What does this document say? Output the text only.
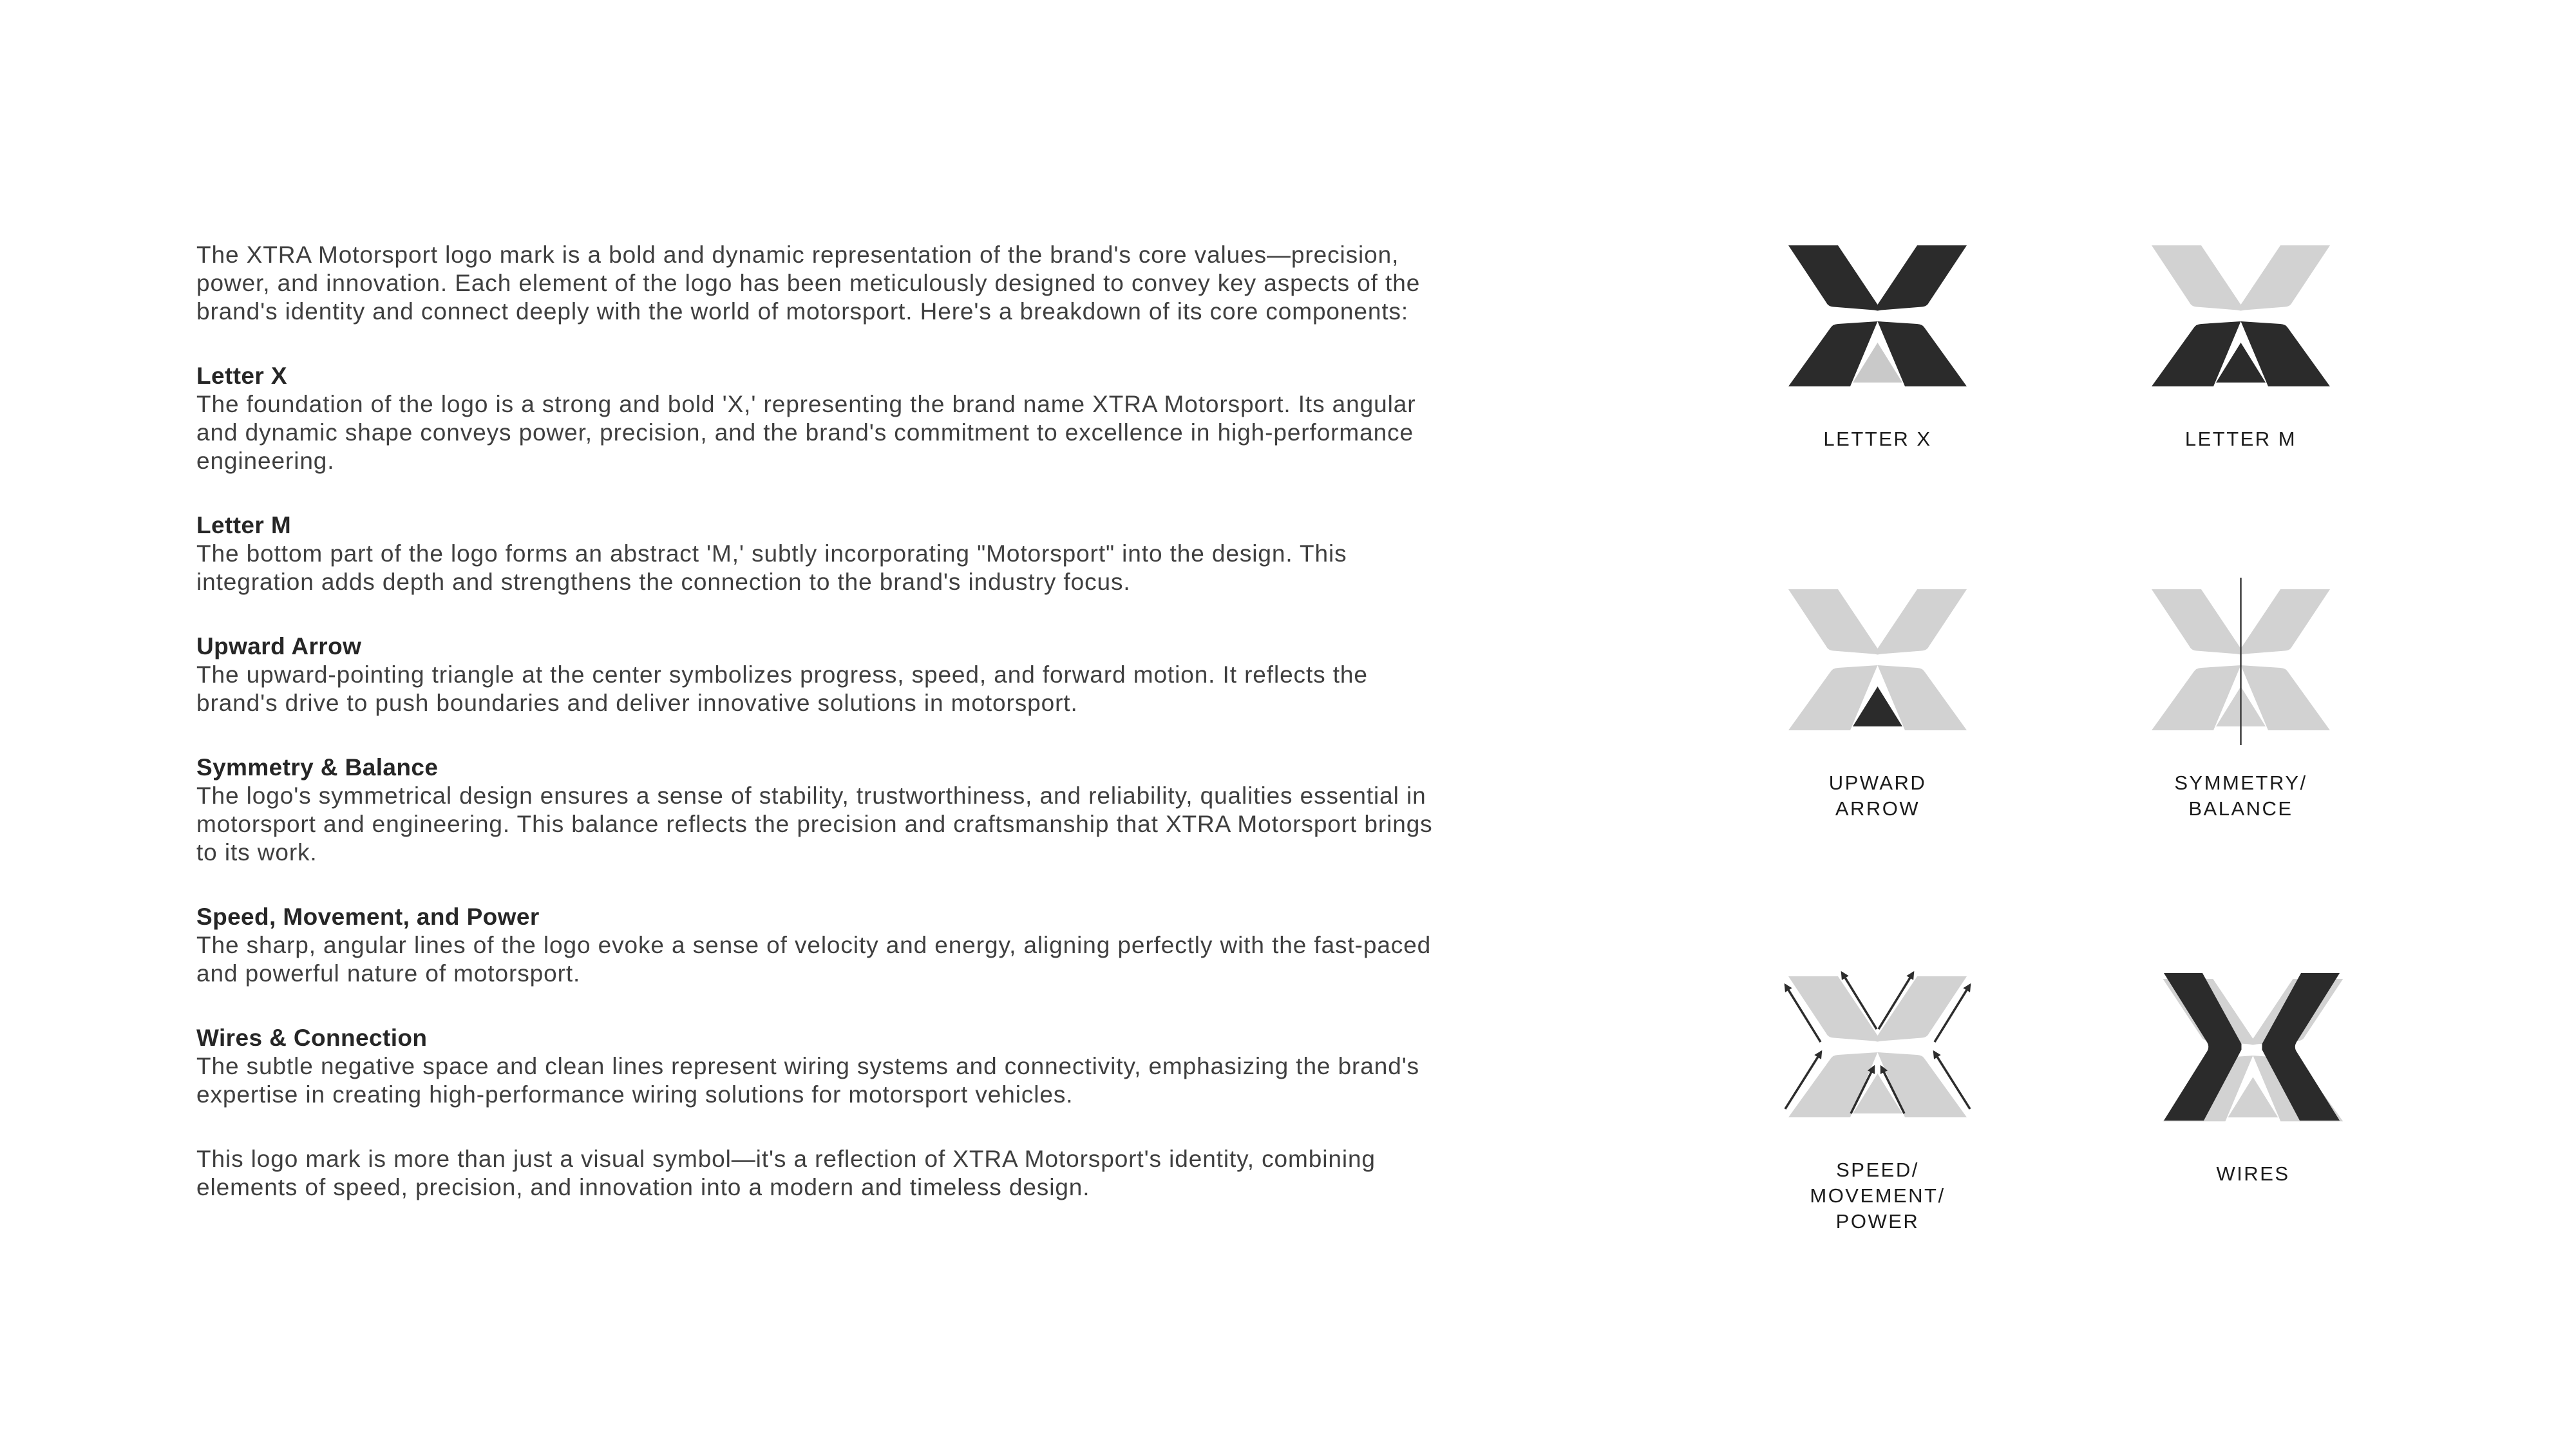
The XTRA Motorsport logo mark is a bold and dynamic representation of the brand's core values—precision,
power, and innovation. Each element of the logo has been meticulously designed to convey key aspects of the
brand's identity and connect deeply with the world of motorsport. Here's a breakdown of its core components:
Letter X
The foundation of the logo is a strong and bold 'X,' representing the brand name XTRA Motorsport. Its angular
and dynamic shape conveys power, precision, and the brand's commitment to excellence in high-performance
engineering.
Letter M
The bottom part of the logo forms an abstract 'M,' subtly incorporating "Motorsport" into the design. This
integration adds depth and strengthens the connection to the brand's industry focus.
Upward Arrow
The upward-pointing triangle at the center symbolizes progress, speed, and forward motion. It reflects the
brand's drive to push boundaries and deliver innovative solutions in motorsport.
Symmetry & Balance
The logo's symmetrical design ensures a sense of stability, trustworthiness, and reliability, qualities essential in
motorsport and engineering. This balance reflects the precision and craftsmanship that XTRA Motorsport brings
to its work.
Speed, Movement, and Power
The sharp, angular lines of the logo evoke a sense of velocity and energy, aligning perfectly with the fast-paced
and powerful nature of motorsport.
Wires & Connection
The subtle negative space and clean lines represent wiring systems and connectivity, emphasizing the brand's
expertise in creating high-performance wiring solutions for motorsport vehicles.
This logo mark is more than just a visual symbol—it's a reflection of XTRA Motorsport's identity, combining
elements of speed, precision, and innovation into a modern and timeless design.
LETTER X	LETTER M
UPWARD
ARROW
SYMMETRY/
BALANCE
SPEED/
MOVEMENT/
POWER
WIRES
